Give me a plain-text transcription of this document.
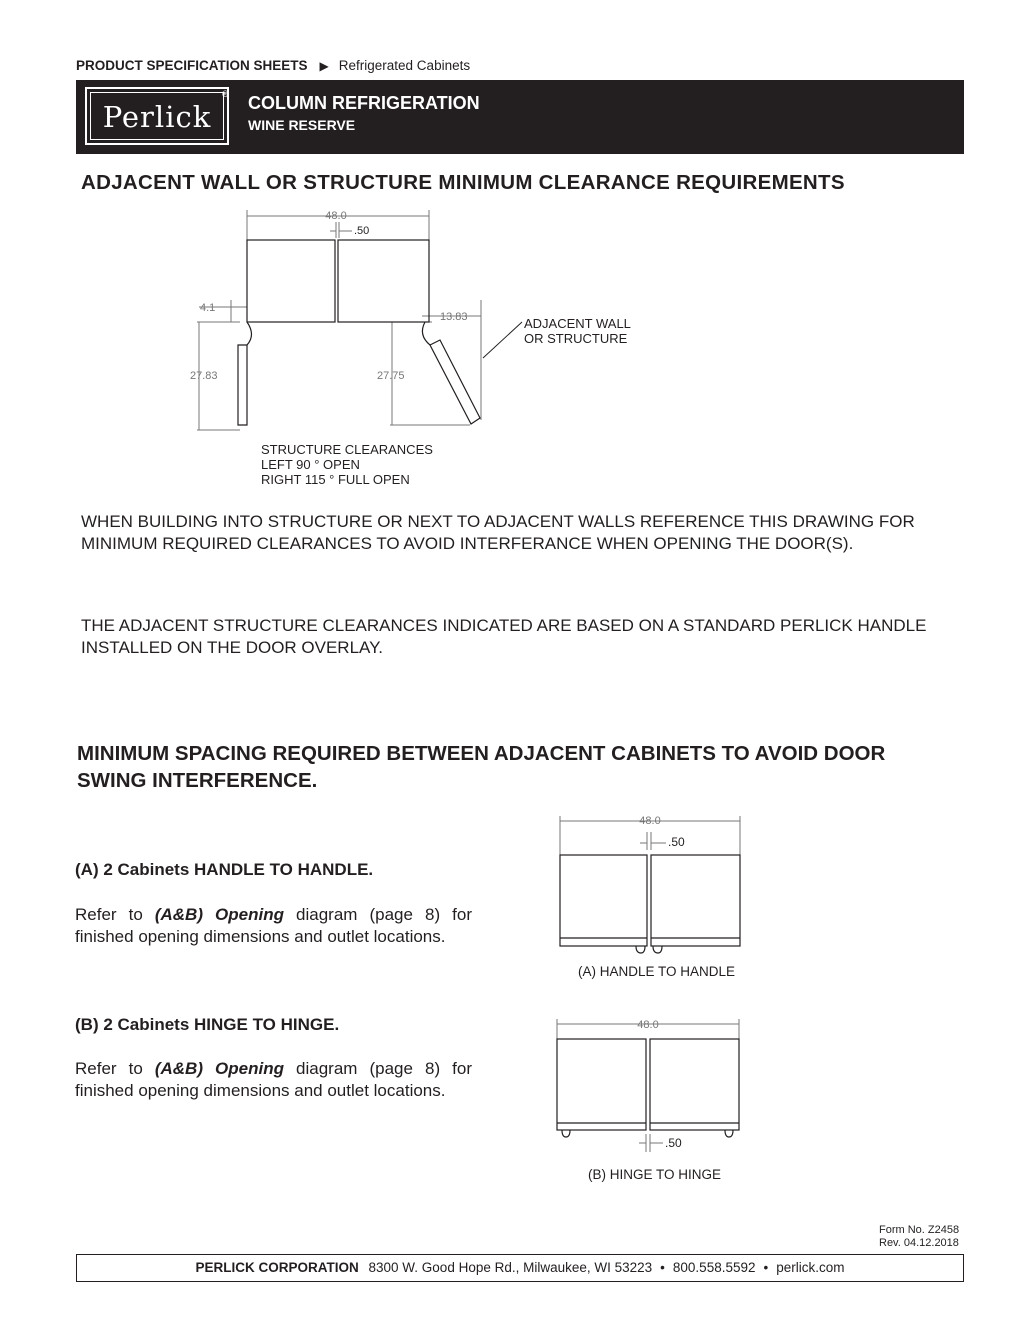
PRODUCT SPECIFICATION SHEETS ▶ Refrigerated Cabinets
Perlick
® COLUMN REFRIGERATION
WINE RESERVE
ADJACENT WALL OR STRUCTURE MINIMUM CLEARANCE REQUIREMENTS
48.0
.50
4.1
13.83
27.83	27.75
ADJACENT WALL
OR STRUCTURE
STRUCTURE CLEARANCES
LEFT 90 ° OPEN
RIGHT 115 ° FULL OPEN
WHEN BUILDING INTO STRUCTURE OR NEXT TO ADJACENT WALLS REFERENCE THIS DRAWING FOR MINIMUM REQUIRED CLEARANCES TO AVOID INTERFERANCE WHEN OPENING THE DOOR(S).
THE ADJACENT STRUCTURE CLEARANCES INDICATED ARE BASED ON A STANDARD PERLICK HANDLE INSTALLED ON THE DOOR OVERLAY.
MINIMUM SPACING REQUIRED BETWEEN ADJACENT CABINETS TO AVOID DOOR SWING INTERFERENCE.
(A) 2 Cabinets HANDLE TO HANDLE.
Refer to (A&B) Opening diagram (page 8) for finished opening dimensions and outlet locations.
48.0
.50
(A) HANDLE TO HANDLE
(B) 2 Cabinets HINGE TO HINGE.
Refer to (A&B) Opening diagram (page 8) for finished opening dimensions and outlet locations.
48.0
.50
(B) HINGE TO HINGE
Form No. Z2458
Rev. 04.12.2018
PERLICK CORPORATION 8300 W. Good Hope Rd., Milwaukee, WI 53223 • 800.558.5592 • perlick.com
